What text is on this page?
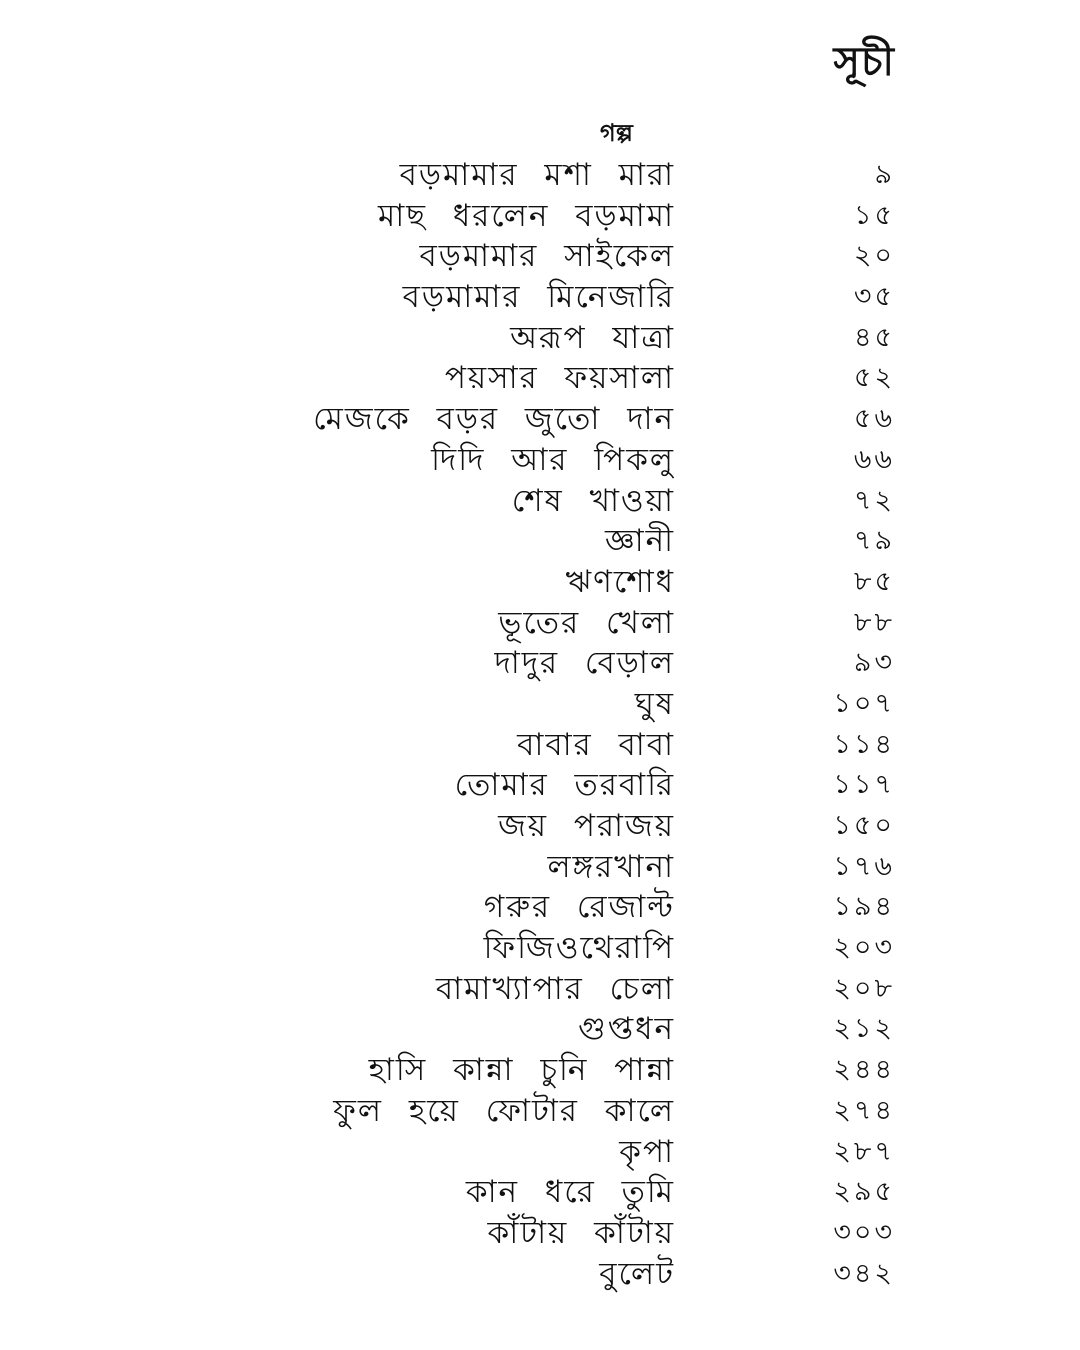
সূচী
গল্প
বড়মামার মশা মারা	৯
মাছ ধরলেন বড়মামা	১৫
বড়মামার সাইকেল	২০
বড়মামার মিনেজারি	৩৫
অরূপ যাত্রা	৪৫
পয়সার ফয়সালা	৫২
মেজকে বড়র জুতো দান	৫৬
দিদি আর পিকলু	৬৬
শেষ খাওয়া	৭২
জ্ঞানী	৭৯
ঋণশোধ	৮৫
ভূতের খেলা	৮৮
দাদুর বেড়াল	৯৩
ঘুষ	১০৭
বাবার বাবা	১১৪
তোমার তরবারি	১১৭
জয় পরাজয়	১৫০
লঙ্গরখানা	১৭৬
গরুর রেজাল্ট	১৯৪
ফিজিওথেরাপি	২০৩
বামাখ্যাপার চেলা	২০৮
গুপ্তধন	২১২
হাসি কান্না চুনি পান্না	২৪৪
ফুল হয়ে ফোটার কালে	২৭৪
কৃপা	২৮৭
কান ধরে তুমি	২৯৫
কাঁটায় কাঁটায়	৩০৩
বুলেট	৩৪২
